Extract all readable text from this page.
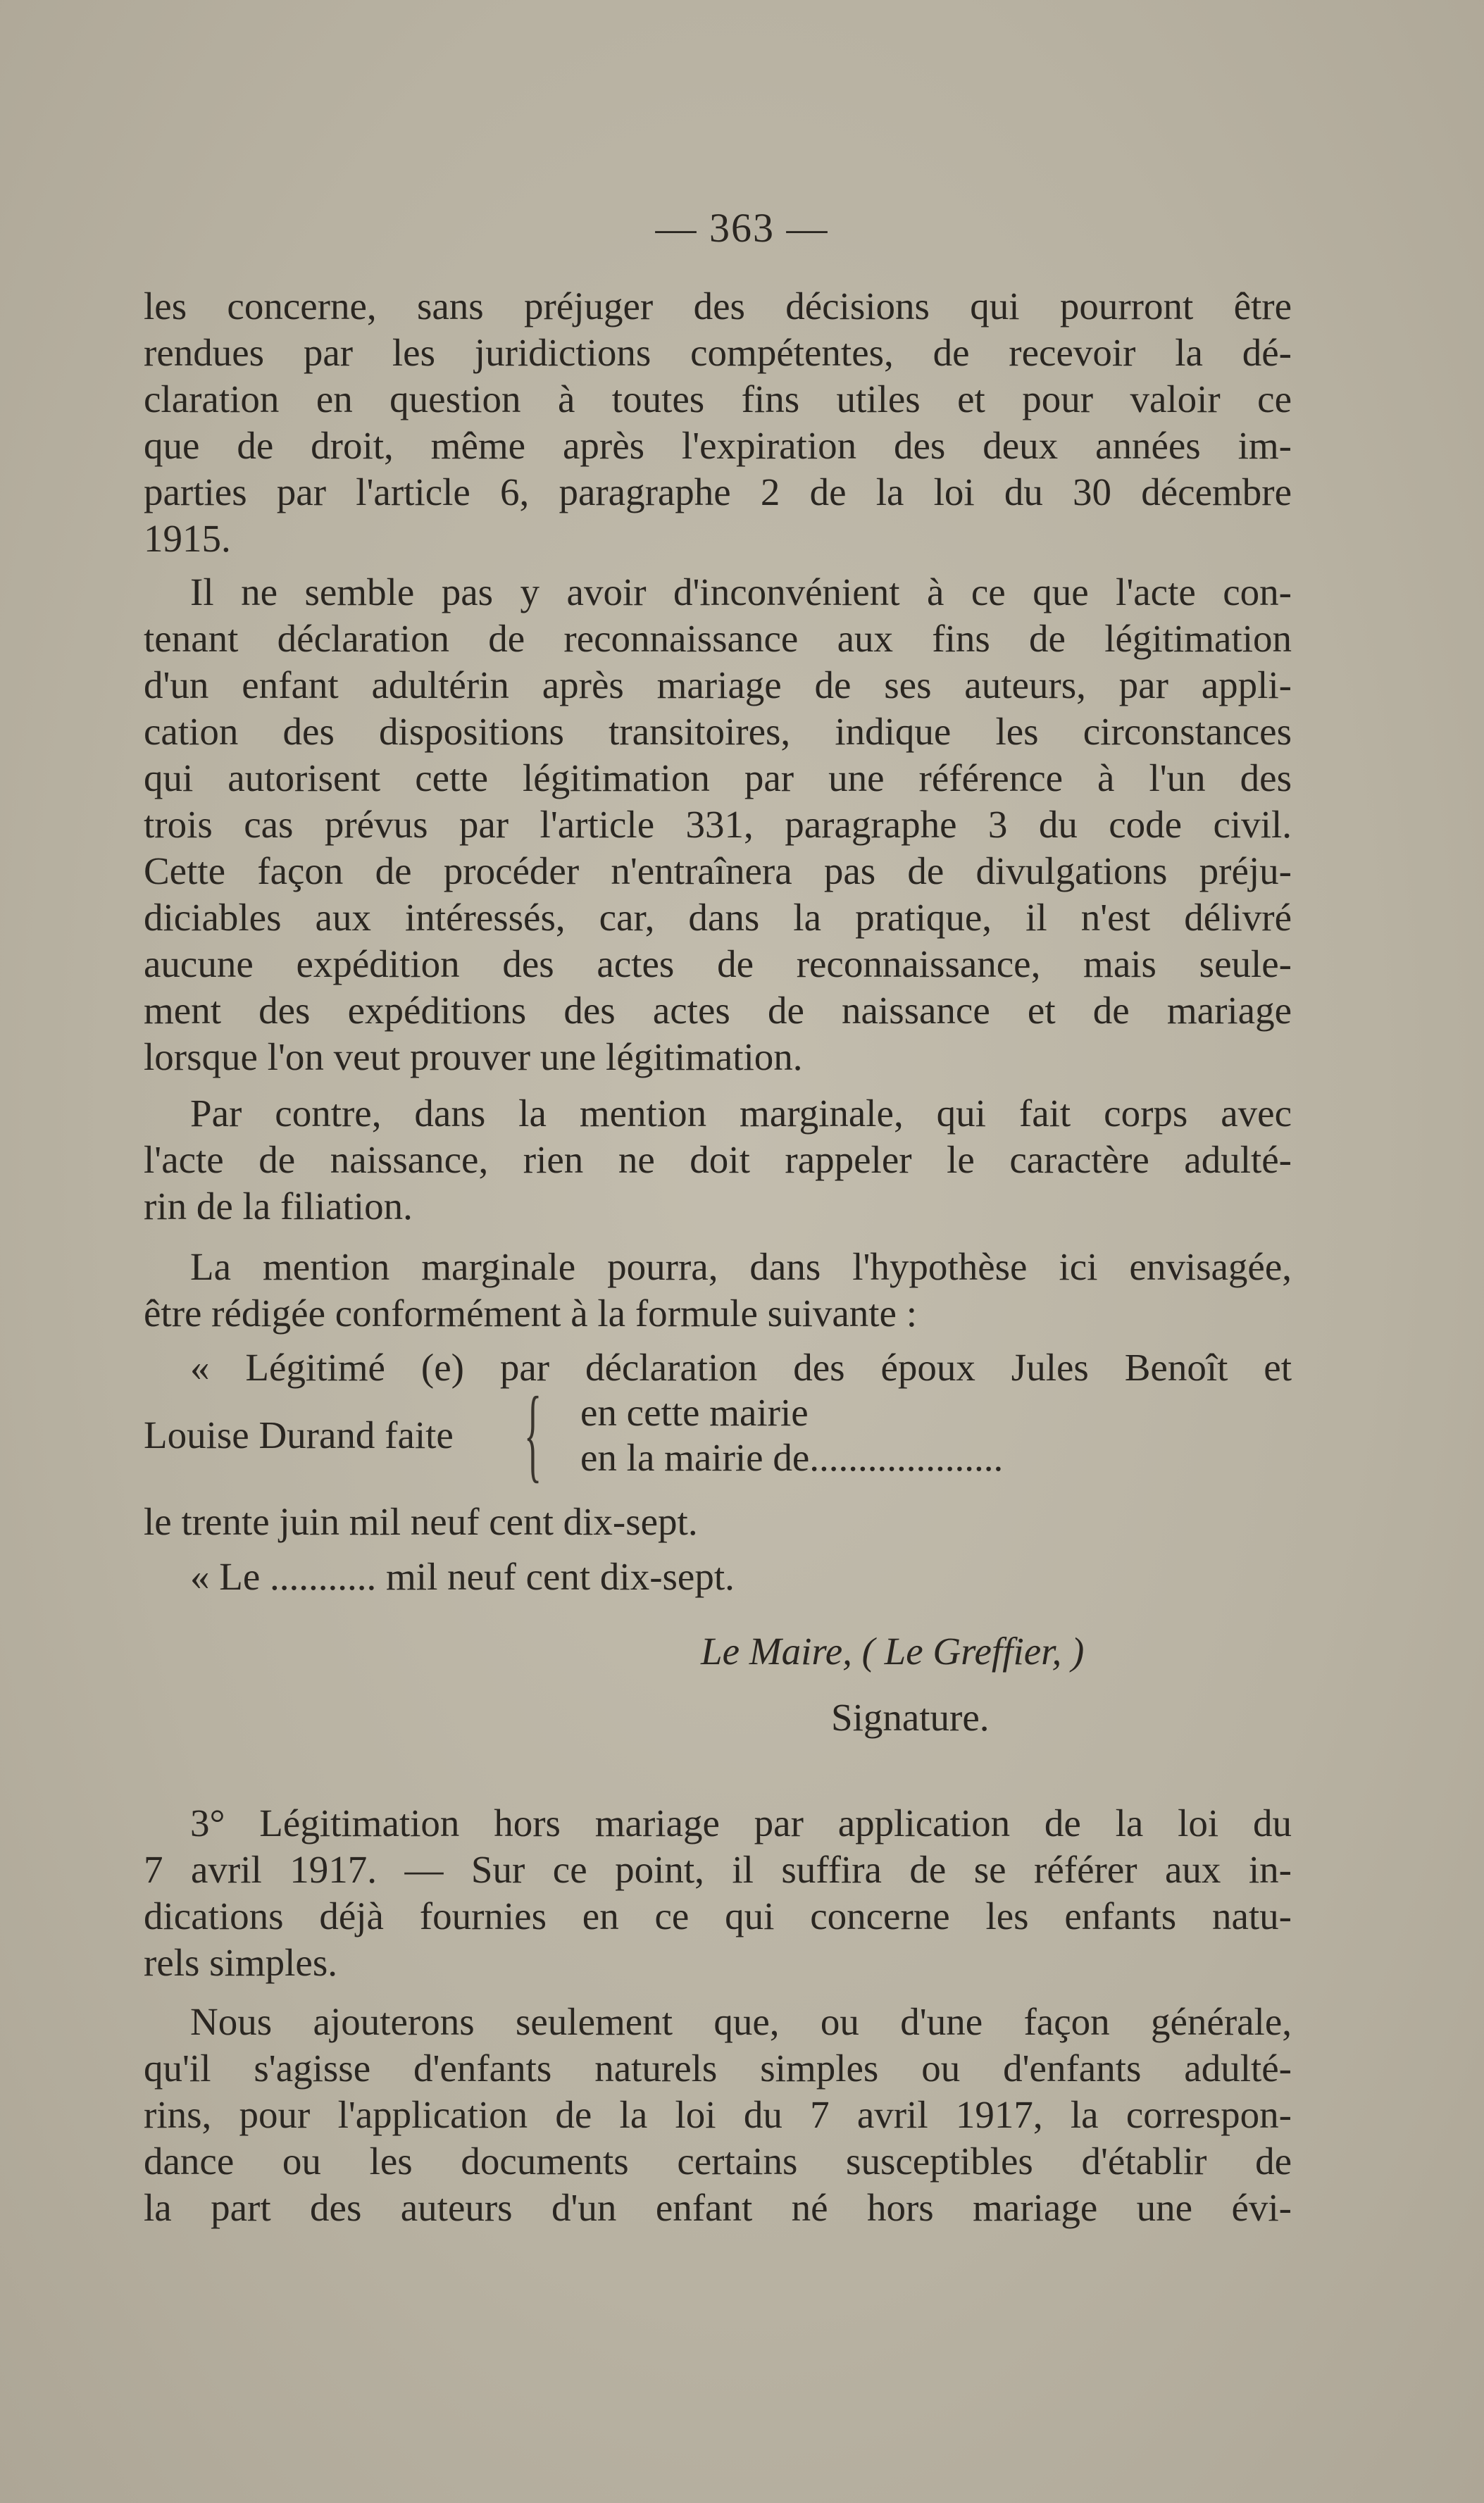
— 363 —

les concerne, sans préjuger des décisions qui pourront être

rendues par les juridictions compétentes, de recevoir la dé-

claration en question à toutes fins utiles et pour valoir ce

que de droit, même après l'expiration des deux années im-

parties par l'article 6, paragraphe 2 de la loi du 30 décembre

1915.

Il ne semble pas y avoir d'inconvénient à ce que l'acte con-

tenant déclaration de reconnaissance aux fins de légitimation

d'un enfant adultérin après mariage de ses auteurs, par appli-

cation des dispositions transitoires, indique les circonstances

qui autorisent cette légitimation par une référence à l'un des

trois cas prévus par l'article 331, paragraphe 3 du code civil.

Cette façon de procéder n'entraînera pas de divulgations préju-

diciables aux intéressés, car, dans la pratique, il n'est délivré

aucune expédition des actes de reconnaissance, mais seule-

ment des expéditions des actes de naissance et de mariage

lorsque l'on veut prouver une légitimation.

Par contre, dans la mention marginale, qui fait corps avec

l'acte de naissance, rien ne doit rappeler le caractère adulté-

rin de la filiation.

La mention marginale pourra, dans l'hypothèse ici envisagée,

être rédigée conformément à la formule suivante :

« Légitimé (e) par déclaration des époux Jules Benoît et

Louise Durand faite { en cette mairie
en la mairie de....................

le trente juin mil neuf cent dix-sept.

« Le ........... mil neuf cent dix-sept.
Le Maire, ( Le Greffier, )
Signature.

3° Légitimation hors mariage par application de la loi du

7 avril 1917. — Sur ce point, il suffira de se référer aux in-

dications déjà fournies en ce qui concerne les enfants natu-

rels simples.

Nous ajouterons seulement que, ou d'une façon générale,

qu'il s'agisse d'enfants naturels simples ou d'enfants adulté-

rins, pour l'application de la loi du 7 avril 1917, la correspon-

dance ou les documents certains susceptibles d'établir de

la part des auteurs d'un enfant né hors mariage une évi-
